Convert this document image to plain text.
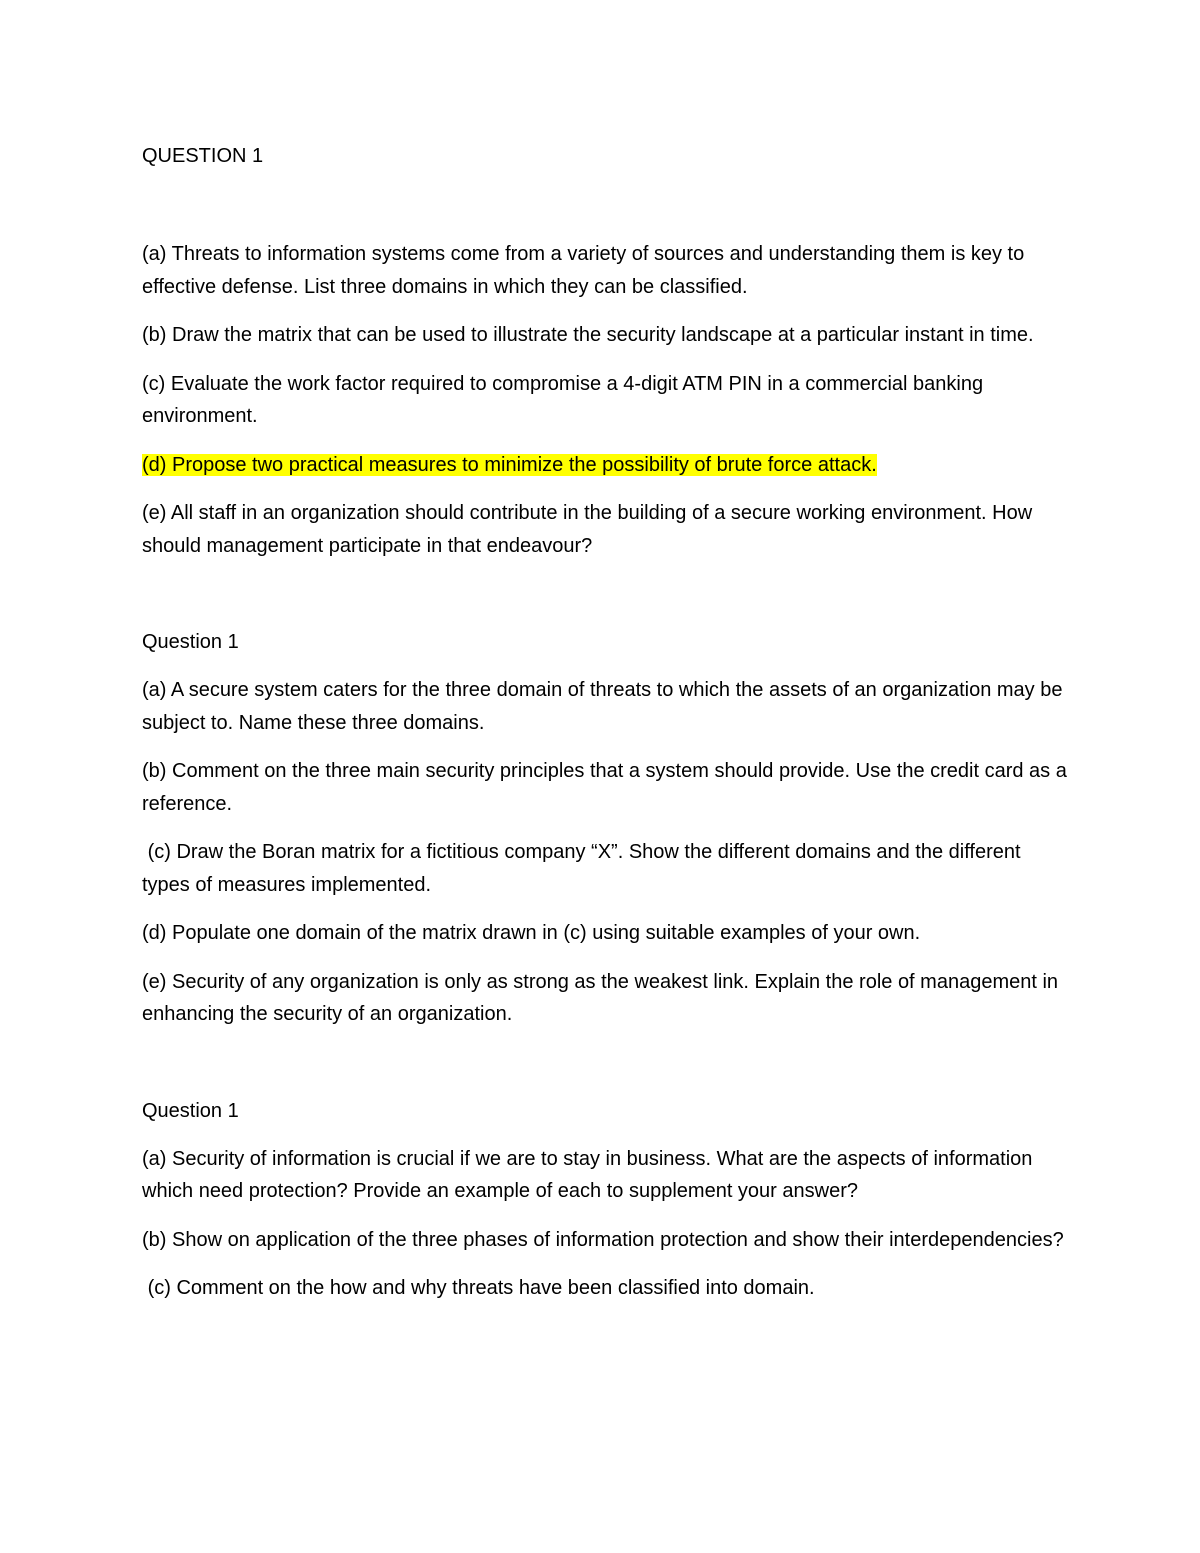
QUESTION 1

(a) Threats to information systems come from a variety of sources and understanding them is key to effective defense. List three domains in which they can be classified.

(b) Draw the matrix that can be used to illustrate the security landscape at a particular instant in time.

(c) Evaluate the work factor required to compromise a 4-digit ATM PIN in a commercial banking environment.

(d) Propose two practical measures to minimize the possibility of brute force attack.

(e) All staff in an organization should contribute in the building of a secure working environment. How should management participate in that endeavour?

Question 1

(a) A secure system caters for the three domain of threats to which the assets of an organization may be subject to. Name these three domains.

(b) Comment on the three main security principles that a system should provide. Use the credit card as a reference.

(c) Draw the Boran matrix for a fictitious company “X”. Show the different domains and the different types of measures implemented.

(d) Populate one domain of the matrix drawn in (c) using suitable examples of your own.

(e) Security of any organization is only as strong as the weakest link. Explain the role of management in enhancing the security of an organization.

Question 1

(a) Security of information is crucial if we are to stay in business. What are the aspects of information which need protection? Provide an example of each to supplement your answer?

(b) Show on application of the three phases of information protection and show their interdependencies?

(c) Comment on the how and why threats have been classified into domain.
